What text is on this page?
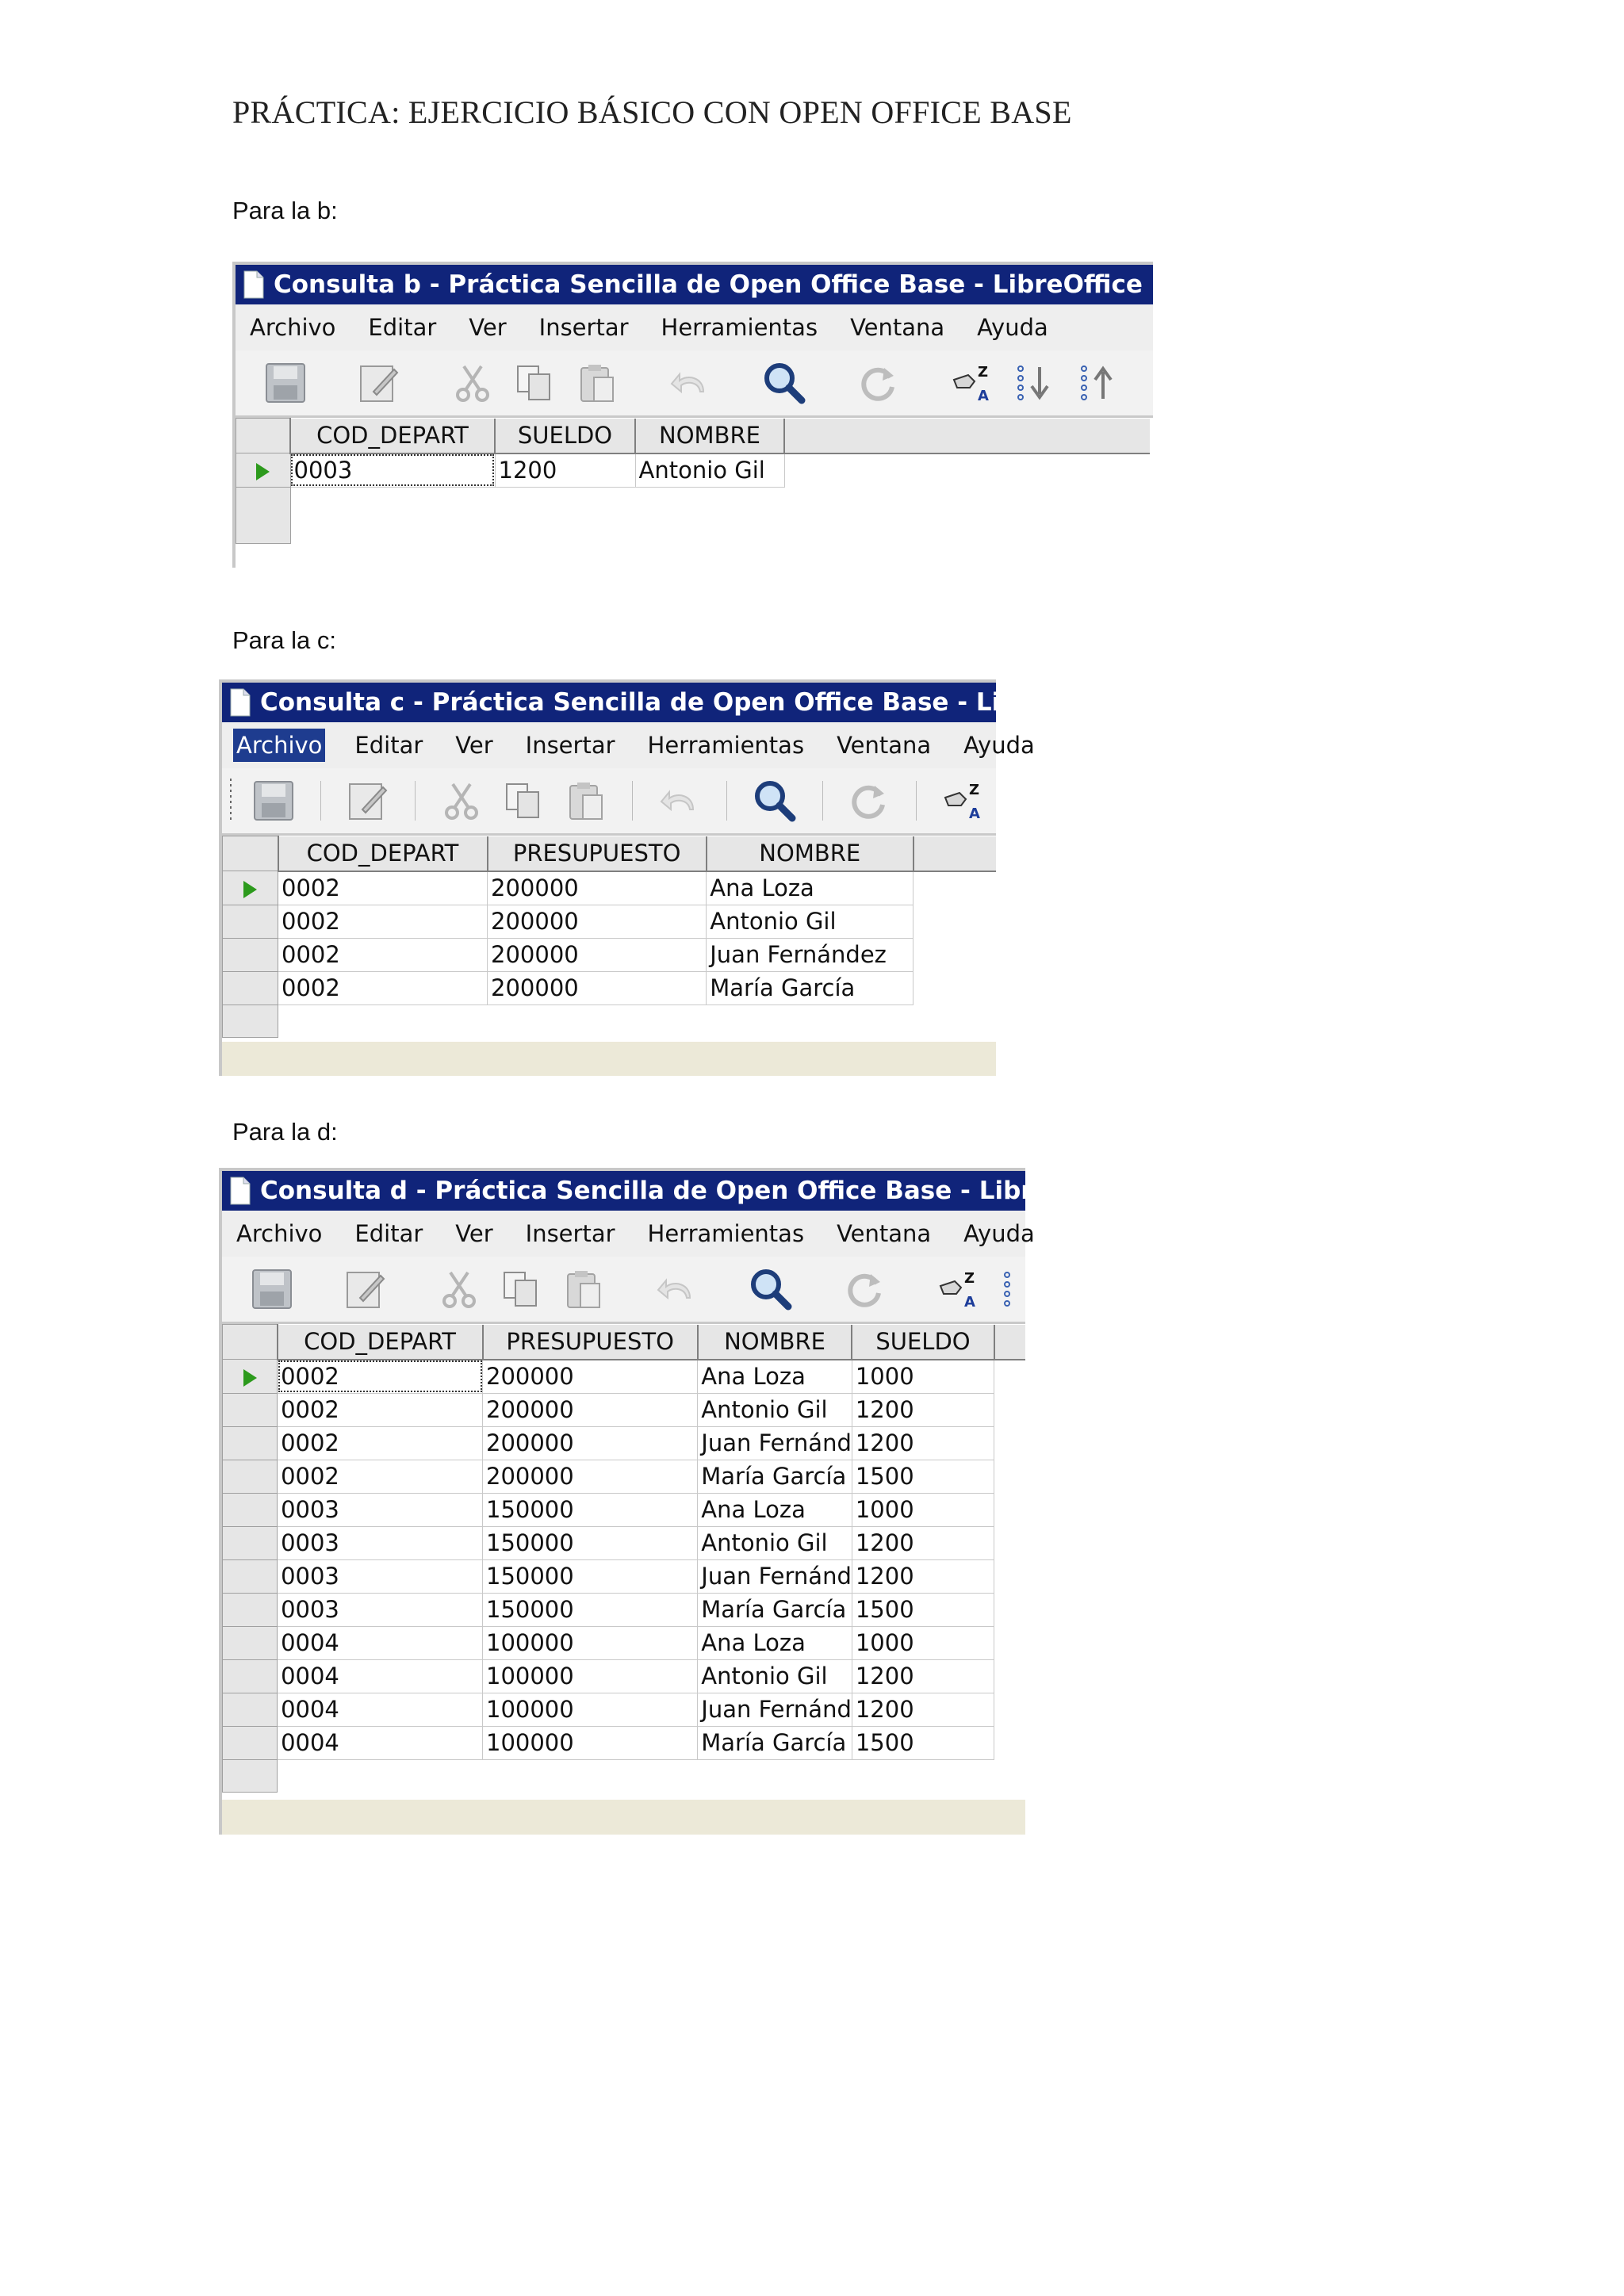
PRÁCTICA: EJERCICIO BÁSICO CON OPEN OFFICE BASE
Para la b:
Consulta b - Práctica Sencilla de Open Office Base - LibreOffice Base: v
Archivo Editar Ver Insertar Herramientas Ventana Ayuda
Z
A
	COD_DEPART	SUELDO	NOMBRE	
	0003	1200	Antonio Gil	

Para la c:
Consulta c - Práctica Sencilla de Open Office Base - Libre
Archivo Editar Ver Insertar Herramientas Ventana Ayuda
Z
A
	COD_DEPART	PRESUPUESTO	NOMBRE	
	0002	200000	Ana Loza	
	0002	200000	Antonio Gil	
	0002	200000	Juan Fernández	
	0002	200000	María García	

Para la d:
Consulta d - Práctica Sencilla de Open Office Base - LibreOffi
Archivo Editar Ver Insertar Herramientas Ventana Ayuda
Z
A
	COD_DEPART	PRESUPUESTO	NOMBRE	SUELDO	
	0002	200000	Ana Loza	1000	
	0002	200000	Antonio Gil	1200	
	0002	200000	Juan Fernánd	1200	
	0002	200000	María García	1500	
	0003	150000	Ana Loza	1000	
	0003	150000	Antonio Gil	1200	
	0003	150000	Juan Fernánd	1200	
	0003	150000	María García	1500	
	0004	100000	Ana Loza	1000	
	0004	100000	Antonio Gil	1200	
	0004	100000	Juan Fernánd	1200	
	0004	100000	María García	1500	
